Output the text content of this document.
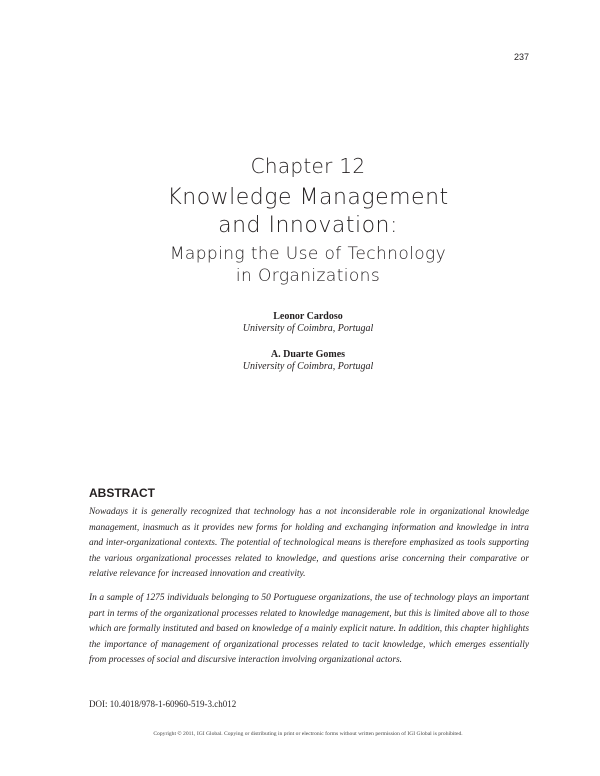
237
Chapter 12
Knowledge Management
and Innovation:
Mapping the Use of Technology
in Organizations
Leonor Cardoso
University of Coimbra, Portugal
A. Duarte Gomes
University of Coimbra, Portugal
ABSTRACT

Nowadays it is generally recognized that technology has a not inconsiderable role in organizational knowledge management, inasmuch as it provides new forms for holding and exchanging information and knowledge in intra and inter-organizational contexts. The potential of technological means is therefore emphasized as tools supporting the various organizational processes related to knowledge, and questions arise concerning their comparative or relative relevance for increased innovation and creativity.

In a sample of 1275 individuals belonging to 50 Portuguese organizations, the use of technology plays an important part in terms of the organizational processes related to knowledge management, but this is limited above all to those which are formally instituted and based on knowledge of a mainly explicit nature. In addition, this chapter highlights the importance of management of organizational processes related to tacit knowledge, which emerges essentially from processes of social and discursive interaction involving organizational actors.

DOI: 10.4018/978-1-60960-519-3.ch012
Copyright © 2011, IGI Global. Copying or distributing in print or electronic forms without written permission of IGI Global is prohibited.
